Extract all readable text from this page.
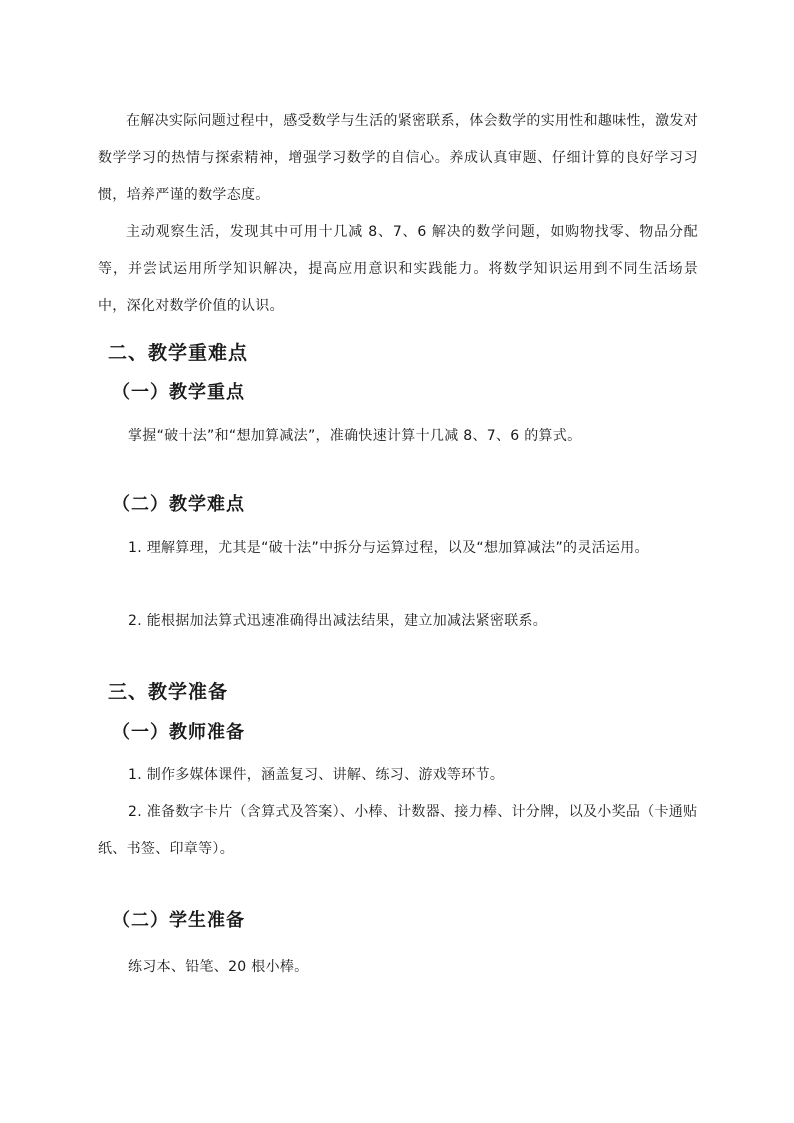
在解决实际问题过程中，感受数学与生活的紧密联系，体会数学的实用性和趣味性，激发对数学学习的热情与探索精神，增强学习数学的自信心。养成认真审题、仔细计算的良好学习习惯，培养严谨的数学态度。

主动观察生活，发现其中可用十几减 8、7、6 解决的数学问题，如购物找零、物品分配等，并尝试运用所学知识解决，提高应用意识和实践能力。将数学知识运用到不同生活场景中，深化对数学价值的认识。

二、教学重难点
（一）教学重点

掌握“破十法”和“想加算减法”，准确快速计算十几减 8、7、6 的算式。

（二）教学难点

1. 理解算理，尤其是“破十法”中拆分与运算过程，以及“想加算减法”的灵活运用。

2. 能根据加法算式迅速准确得出减法结果，建立加减法紧密联系。

三、教学准备
（一）教师准备

1. 制作多媒体课件，涵盖复习、讲解、练习、游戏等环节。

2. 准备数字卡片（含算式及答案）、小棒、计数器、接力棒、计分牌，以及小奖品（卡通贴纸、书签、印章等）。

（二）学生准备

练习本、铅笔、20 根小棒。
